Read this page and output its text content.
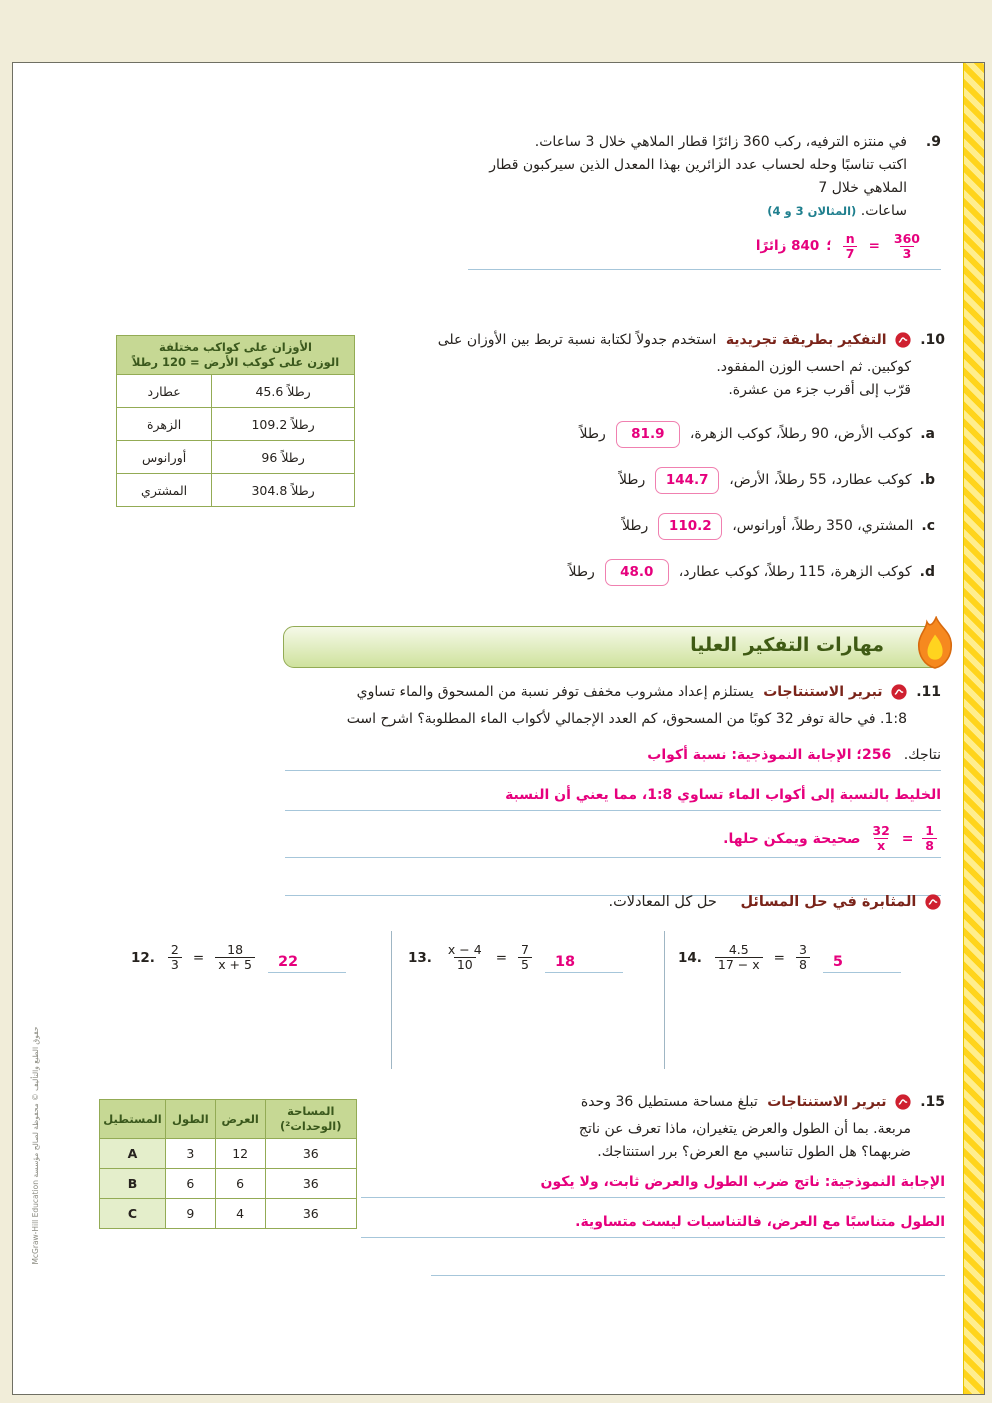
حقوق الطبع والتأليف © محفوظة لصالح مؤسسة McGraw-Hill Education
9.
في منتزه الترفيه، ركب 360 زائرًا قطار الملاهي خلال 3 ساعات.
اكتب تناسبًا وحله لحساب عدد الزائرين بهذا المعدل الذين سيركبون قطار الملاهي خلال 7
ساعات. (المثالان 3 و 4)
$\frac{360}{3}$
=
$\frac{n}{7}$
؛
840 زائرًا
الأوزان على كواكب مختلفة
الوزن على كوكب الأرض = 120 رطلاً	

عطارد	45.6 رطلاً
الزهرة	109.2 رطلاً
أورانوس	96 رطلاً
المشتري	304.8 رطلاً
10.
التفكير بطريقة تجريدية استخدم جدولاً لكتابة نسبة تربط بين الأوزان على
كوكبين. ثم احسب الوزن المفقود.
قرّب إلى أقرب جزء من عشرة.
a.
كوكب الأرض، 90 رطلاً، كوكب الزهرة،
81.9
رطلاً
b.
كوكب عطارد، 55 رطلاً، الأرض،
144.7
رطلاً
c.
المشتري، 350 رطلاً، أورانوس،
110.2
رطلاً
d.
كوكب الزهرة، 115 رطلاً، كوكب عطارد،
48.0
رطلاً
مهارات التفكير العليا
11.
تبرير الاستنتاجات يستلزم إعداد مشروب مخفف توفر نسبة من المسحوق والماء تساوي
1:8. في حالة توفر 32 كوبًا من المسحوق، كم العدد الإجمالي لأكواب الماء المطلوبة؟ اشرح است
نتاجك. 256؛ الإجابة النموذجية: نسبة أكواب
الخليط بالنسبة إلى أكواب الماء تساوي 1:8، مما يعني أن النسبة
$\frac{1}{8}$
=
$\frac{32}{x}$
صحيحة ويمكن حلها.
المثابرة في حل المسائل حل كل المعادلات.
12. $\frac{2}{3} = \frac{18}{x + 5}$	22	13. $\frac{x - 4}{10} = \frac{7}{5}$	18	14. $\frac{4.5}{17 - x} = \frac{3}{8}$	5
المستطيل	الطول	العرض	المساحة
(الوحدات²)

A	3	12	36
B	6	6	36
C	9	4	36
15.
تبرير الاستنتاجات تبلغ مساحة مستطيل 36 وحدة
مربعة. بما أن الطول والعرض يتغيران، ماذا تعرف عن ناتج
ضربهما؟ هل الطول تناسبي مع العرض؟ برر استنتاجك.
الإجابة النموذجية: ناتج ضرب الطول والعرض ثابت، ولا يكون
الطول متناسبًا مع العرض، فالتناسبات ليست متساوية.
